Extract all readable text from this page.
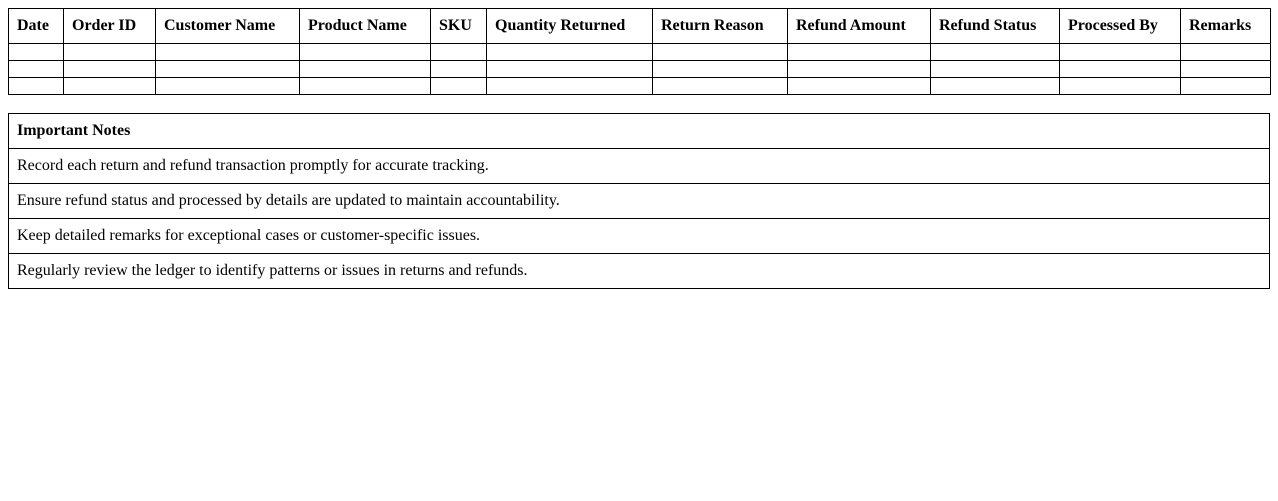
Date	Order ID	Customer Name	Product Name	SKU	Quantity Returned	Return Reason	Refund Amount	Refund Status	Processed By	Remarks

Important Notes
Record each return and refund transaction promptly for accurate tracking.
Ensure refund status and processed by details are updated to maintain accountability.
Keep detailed remarks for exceptional cases or customer-specific issues.
Regularly review the ledger to identify patterns or issues in returns and refunds.
